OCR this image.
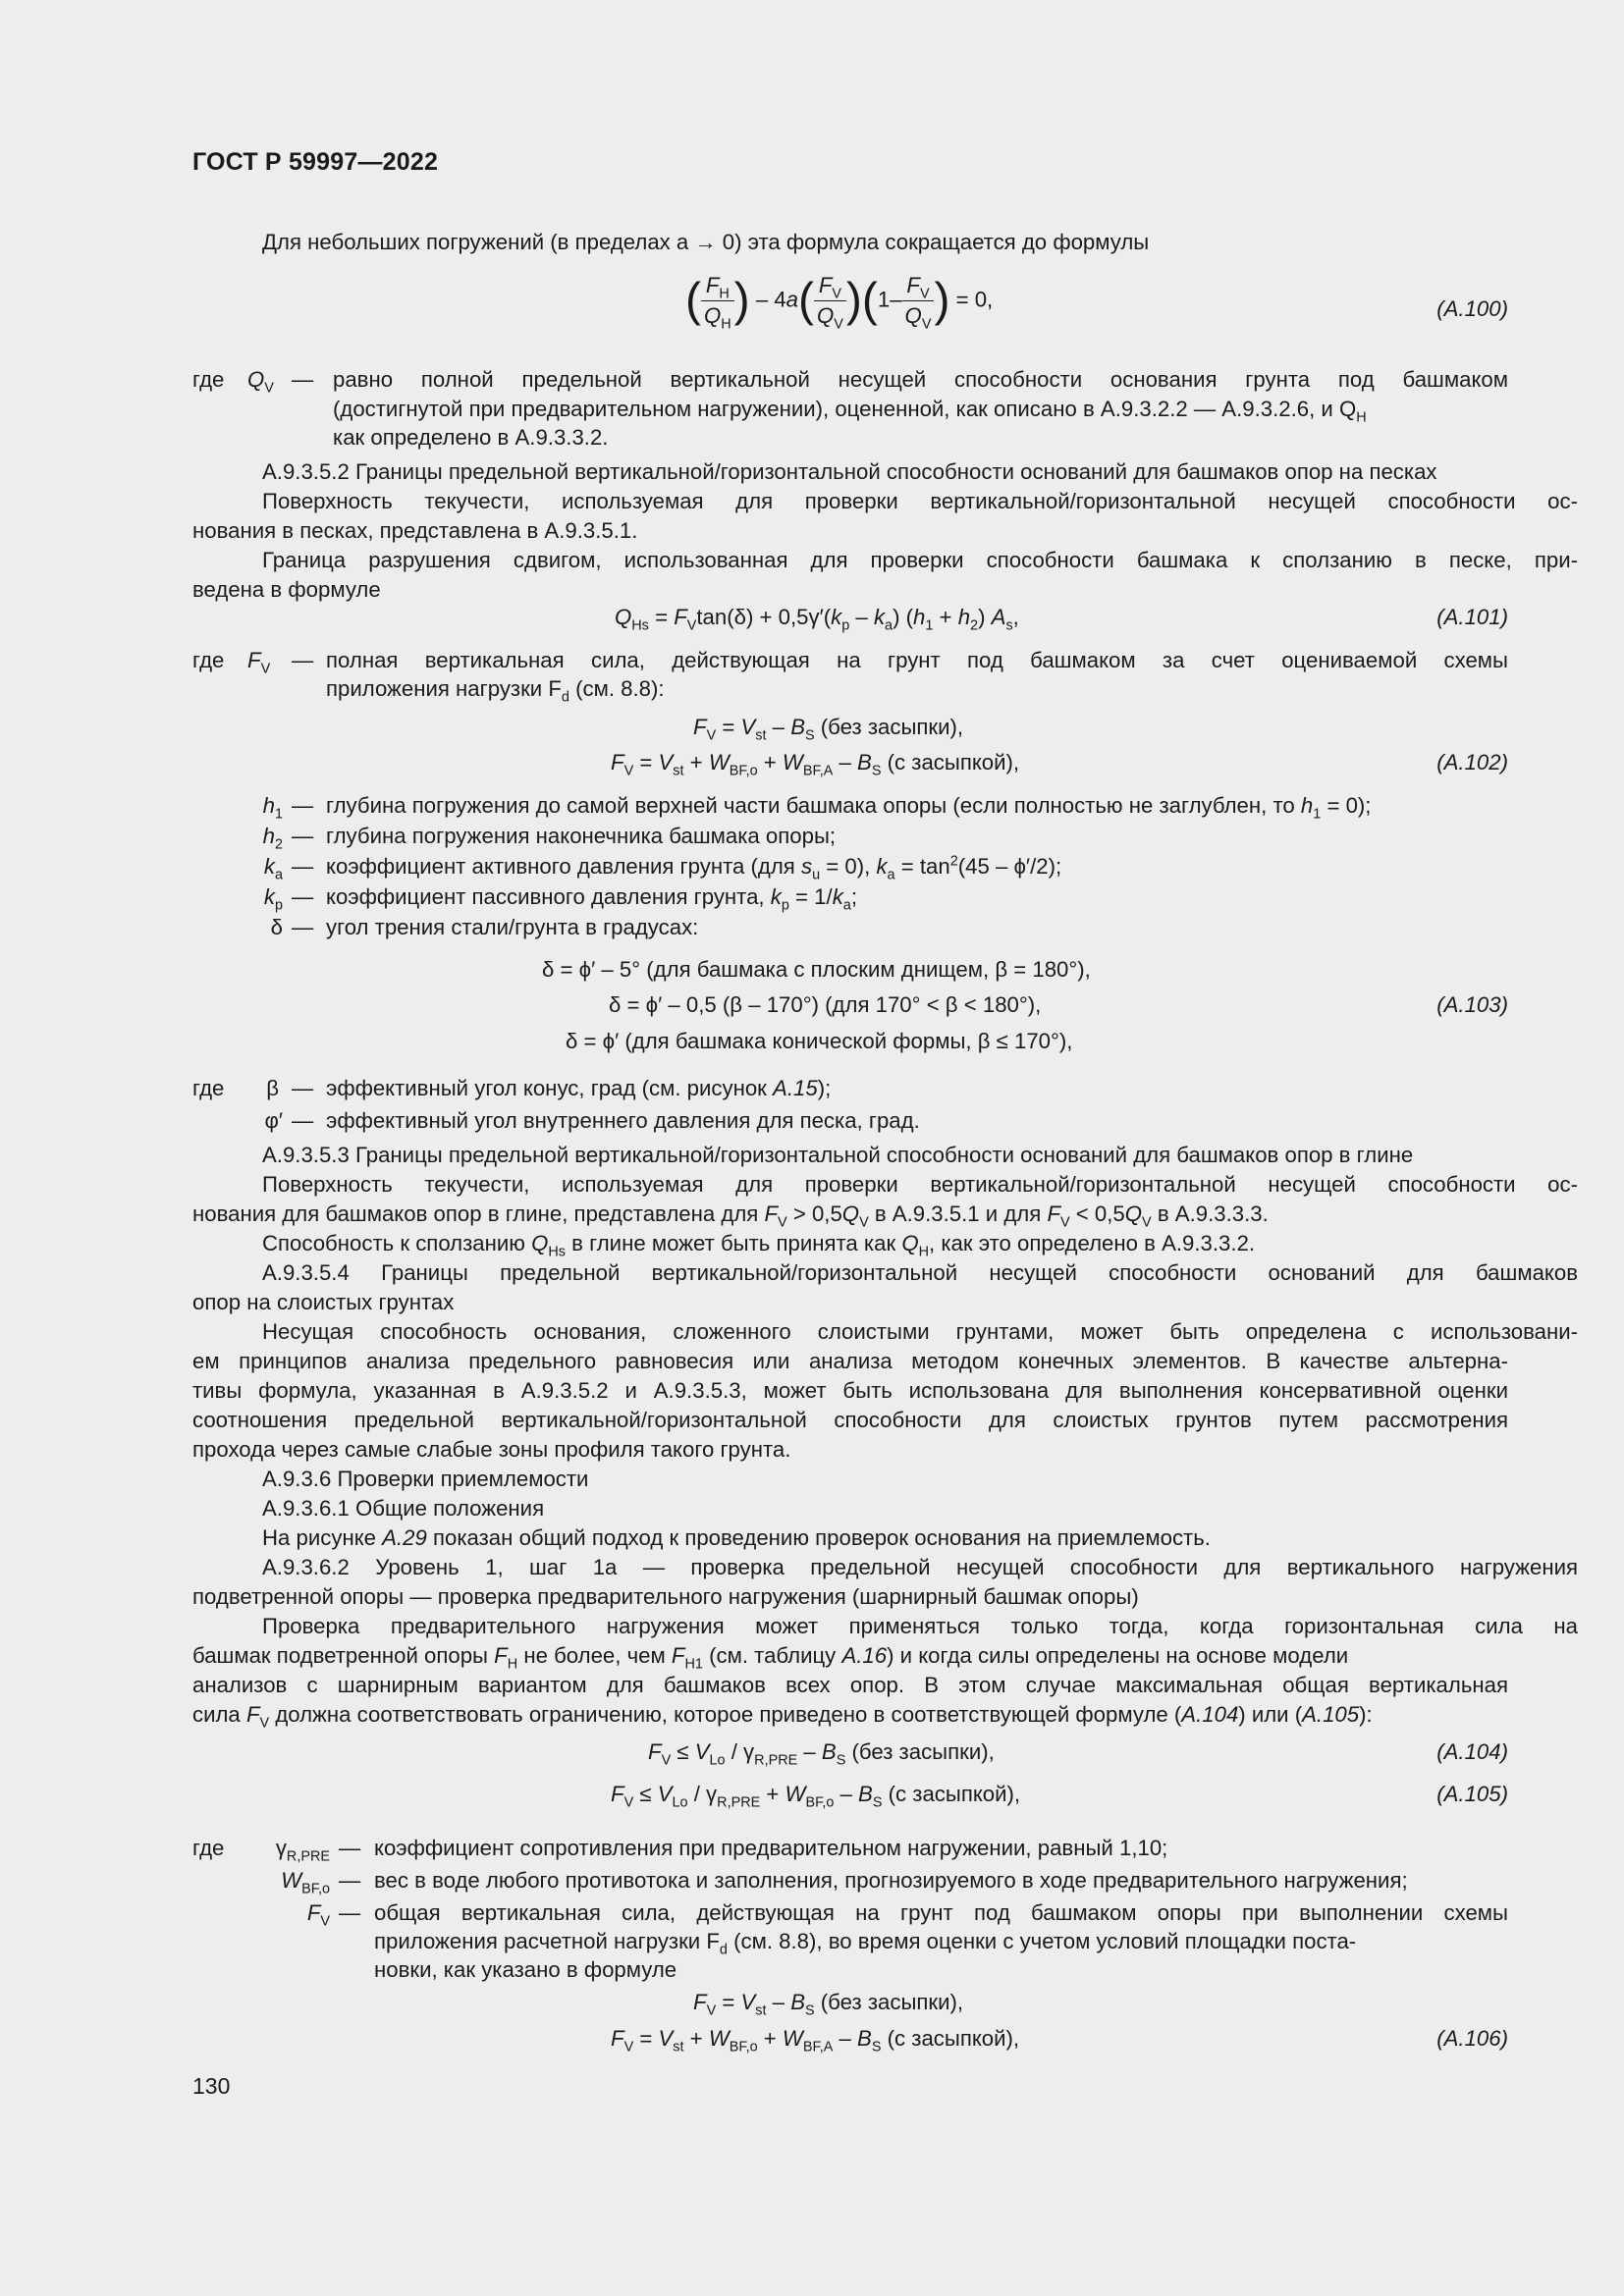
ГОСТ Р 59997—2022
Для небольших погружений (в пределах a → 0) эта формула сокращается до формулы
( $\frac{F_H}{Q_H}$ ) – $4a( \frac{F_V}{Q_V} )(1- \frac{F_V}{Q_V}$ ) = 0,	(A.100)
где $Q_V$ — равно полной предельной вертикальной несущей способности основания грунта под башмаком
(достигнутой при предварительном нагружении), оцененной, как описано в А.9.3.2.2 — А.9.3.2.6, и $Q_H$
как определено в А.9.3.3.2.
А.9.3.5.2 Границы предельной вертикальной/горизонтальной способности оснований для башмаков опор на песках
Поверхность текучести, используемая для проверки вертикальной/горизонтальной несущей способности ос-
нования в песках, представлена в А.9.3.5.1.
Граница разрушения сдвигом, использованная для проверки способности башмака к сползанию в песке, при-
ведена в формуле
$Q_{Hs} = F_V\tan(\delta) + 0,5\gamma'(k_p - k_a) (h_1 + h_2)$ $A_s$,	(A.101)
где $F_V$ — полная вертикальная сила, действующая на грунт под башмаком за счет оцениваемой схемы
приложения нагрузки $F_d$ (см. 8.8):
$F_V = V_{st} - B_S$ (без засыпки),
$F_V = V_{st} + W_{BF,o} + W_{BF,A} - B_S$ (с засыпкой),	(A.102)
$h_1$ — глубина погружения до самой верхней части башмака опоры (если полностью не заглублен, то $h_1 = 0$);
$h_2$ — глубина погружения наконечника башмака опоры;
$k_a$ — коэффициент активного давления грунта (для $s_u = 0$), $k_a = \tan^2(45 - \phi'/2)$;
$k_p$ — коэффициент пассивного давления грунта, $k_p = 1/k_a$;
δ — угол трения стали/грунта в градусах:
δ = ϕ′ – 5° (для башмака с плоским днищем, β = 180°),
δ = ϕ′ – 0,5 (β – 170°) (для 170° < β < 180°),	(A.103)
δ = ϕ′ (для башмака конической формы, β ≤ 170°),
где	β — эффективный угол конус, град (см. рисунок A.15);
φ′ — эффективный угол внутреннего давления для песка, град.
А.9.3.5.3 Границы предельной вертикальной/горизонтальной способности оснований для башмаков опор в глине
Поверхность текучести, используемая для проверки вертикальной/горизонтальной несущей способности ос-
нования для башмаков опор в глине, представлена для $F_V > 0,5Q_V$ в А.9.3.5.1 и для $F_V < 0,5Q_V$ в А.9.3.3.3.
Способность к сползанию $Q_{Hs}$ в глине может быть принята как $Q_H$, как это определено в А.9.3.3.2.
А.9.3.5.4 Границы предельной вертикальной/горизонтальной несущей способности оснований для башмаков
опор на слоистых грунтах
Несущая способность основания, сложенного слоистыми грунтами, может быть определена с использовани-
ем принципов анализа предельного равновесия или анализа методом конечных элементов. В качестве альтерна-
тивы формула, указанная в А.9.3.5.2 и А.9.3.5.3, может быть использована для выполнения консервативной оценки
соотношения предельной вертикальной/горизонтальной способности для слоистых грунтов путем рассмотрения
прохода через самые слабые зоны профиля такого грунта.
А.9.3.6 Проверки приемлемости
А.9.3.6.1 Общие положения
На рисунке A.29 показан общий подход к проведению проверок основания на приемлемость.
А.9.3.6.2 Уровень 1, шаг 1а — проверка предельной несущей способности для вертикального нагружения
подветренной опоры — проверка предварительного нагружения (шарнирный башмак опоры)
Проверка предварительного нагружения может применяться только тогда, когда горизонтальная сила на
башмак подветренной опоры $F_H$ не более, чем $F_{H1}$ (см. таблицу A.16) и когда силы определены на основе модели
анализов с шарнирным вариантом для башмаков всех опор. В этом случае максимальная общая вертикальная
сила $F_V$ должна соответствовать ограничению, которое приведено в соответствующей формуле (A.104) или (A.105):
$F_V \le V_{Lo} / \gamma_{R,PRE} - B_S$ (без засыпки),	(A.104)
$F_V \le V_{Lo} / \gamma_{R,PRE} + W_{BF,o} - B_S$ (с засыпкой),	(A.105)
где	$\gamma_{R,PRE}$ — коэффициент сопротивления при предварительном нагружении, равный 1,10;
$W_{BF,o}$ — вес в воде любого противотока и заполнения, прогнозируемого в ходе предварительного нагружения;
$F_V$ — общая вертикальная сила, действующая на грунт под башмаком опоры при выполнении схемы
приложения расчетной нагрузки $F_d$ (см. 8.8), во время оценки с учетом условий площадки поста-
новки, как указано в формуле
$F_V = V_{st} - B_S$ (без засыпки),
$F_V = V_{st} + W_{BF,o} + W_{BF,A} - B_S$ (с засыпкой),	(A.106)
130
